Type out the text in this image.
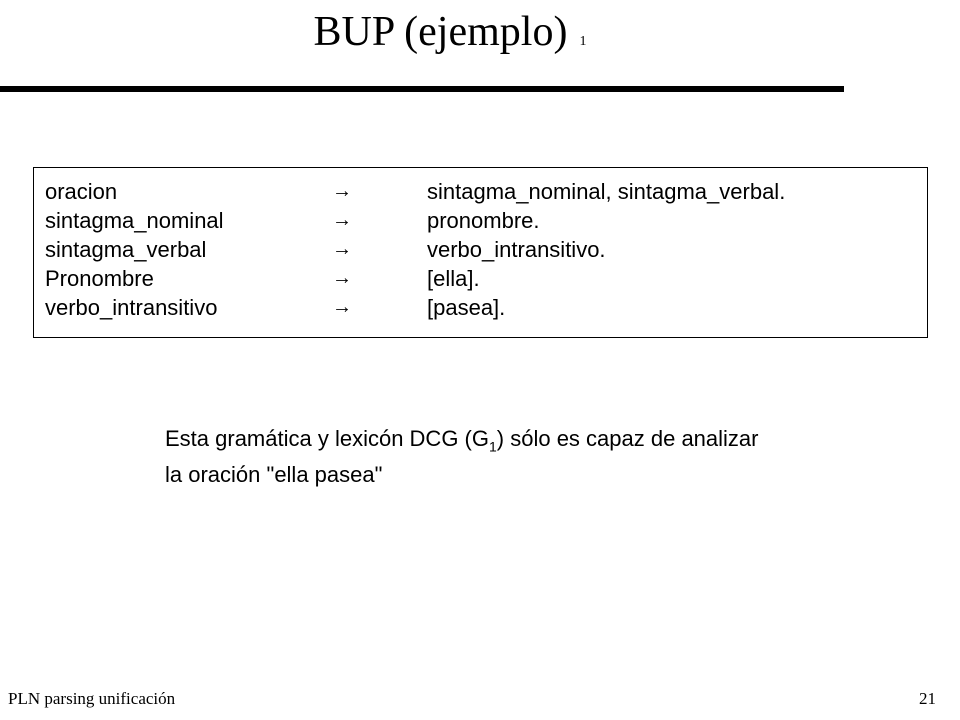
BUP (ejemplo) 1
oracion	→	sintagma_nominal, sintagma_verbal.
sintagma_nominal	→	pronombre.
sintagma_verbal	→	verbo_intransitivo.
Pronombre	→	[ella].
verbo_intransitivo	→	[pasea].
Esta gramática y lexicón DCG $(G_1)$ sólo es capaz de analizar
la oración "ella pasea"
PLN parsing unificación	21
